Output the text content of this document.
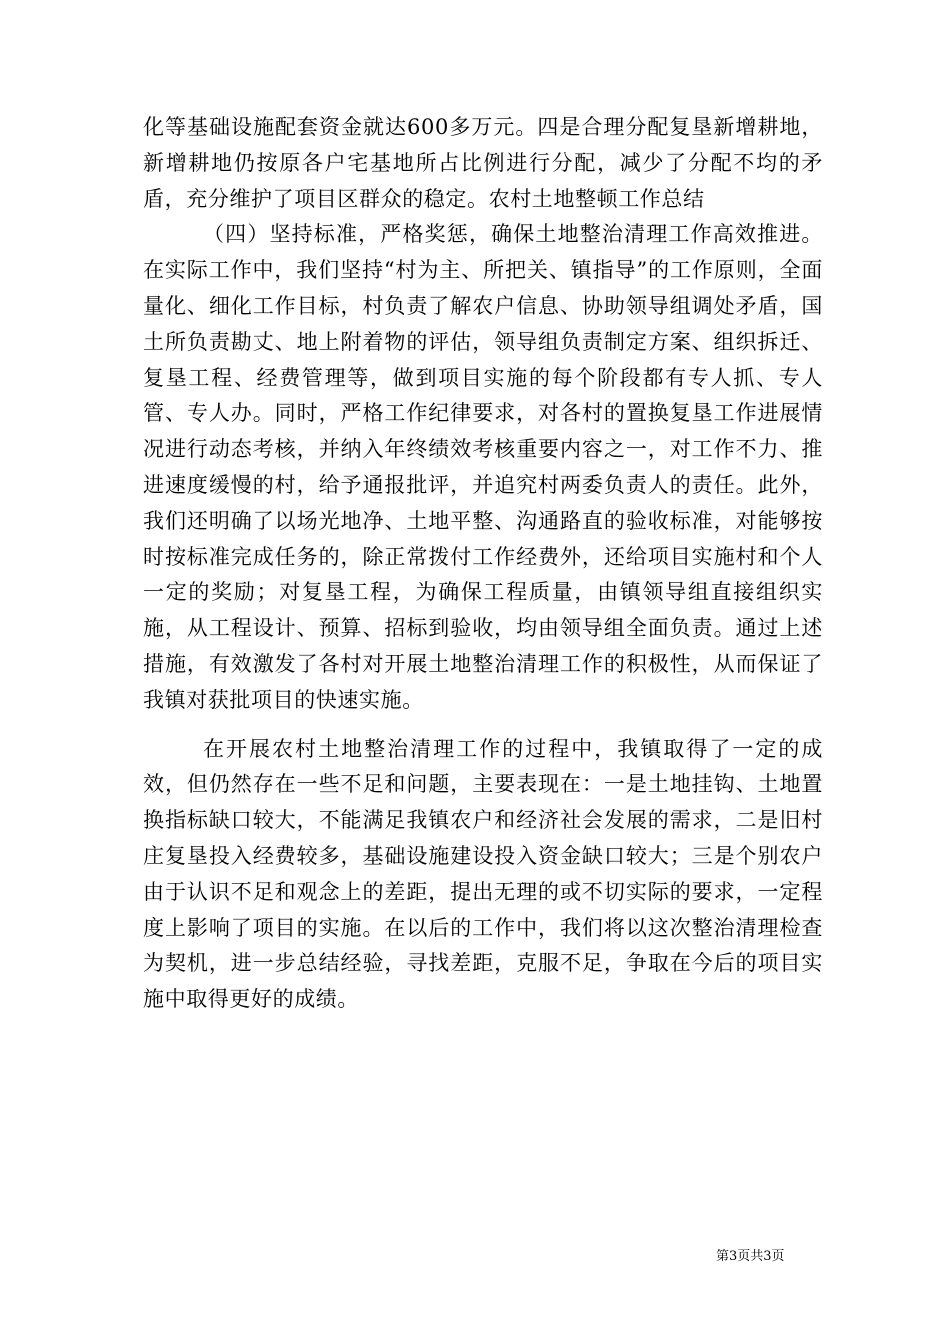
化等基础设施配套资金就达600多万元。四是合理分配复垦新增耕地，新增耕地仍按原各户宅基地所占比例进行分配，减少了分配不均的矛盾，充分维护了项目区群众的稳定。农村土地整顿工作总结

（四）坚持标准，严格奖惩，确保土地整治清理工作高效推进。在实际工作中，我们坚持“村为主、所把关、镇指导”的工作原则，全面量化、细化工作目标，村负责了解农户信息、协助领导组调处矛盾，国土所负责勘丈、地上附着物的评估，领导组负责制定方案、组织拆迁、复垦工程、经费管理等，做到项目实施的每个阶段都有专人抓、专人管、专人办。同时，严格工作纪律要求，对各村的置换复垦工作进展情况进行动态考核，并纳入年终绩效考核重要内容之一，对工作不力、推进速度缓慢的村，给予通报批评，并追究村两委负责人的责任。此外，我们还明确了以场光地净、土地平整、沟通路直的验收标准，对能够按时按标准完成任务的，除正常拨付工作经费外，还给项目实施村和个人一定的奖励；对复垦工程，为确保工程质量，由镇领导组直接组织实施，从工程设计、预算、招标到验收，均由领导组全面负责。通过上述措施，有效激发了各村对开展土地整治清理工作的积极性，从而保证了我镇对获批项目的快速实施。

在开展农村土地整治清理工作的过程中，我镇取得了一定的成效，但仍然存在一些不足和问题，主要表现在：一是土地挂钩、土地置换指标缺口较大，不能满足我镇农户和经济社会发展的需求，二是旧村庄复垦投入经费较多，基础设施建设投入资金缺口较大；三是个别农户由于认识不足和观念上的差距，提出无理的或不切实际的要求，一定程度上影响了项目的实施。在以后的工作中，我们将以这次整治清理检查为契机，进一步总结经验，寻找差距，克服不足，争取在今后的项目实施中取得更好的成绩。

第3页共3页
